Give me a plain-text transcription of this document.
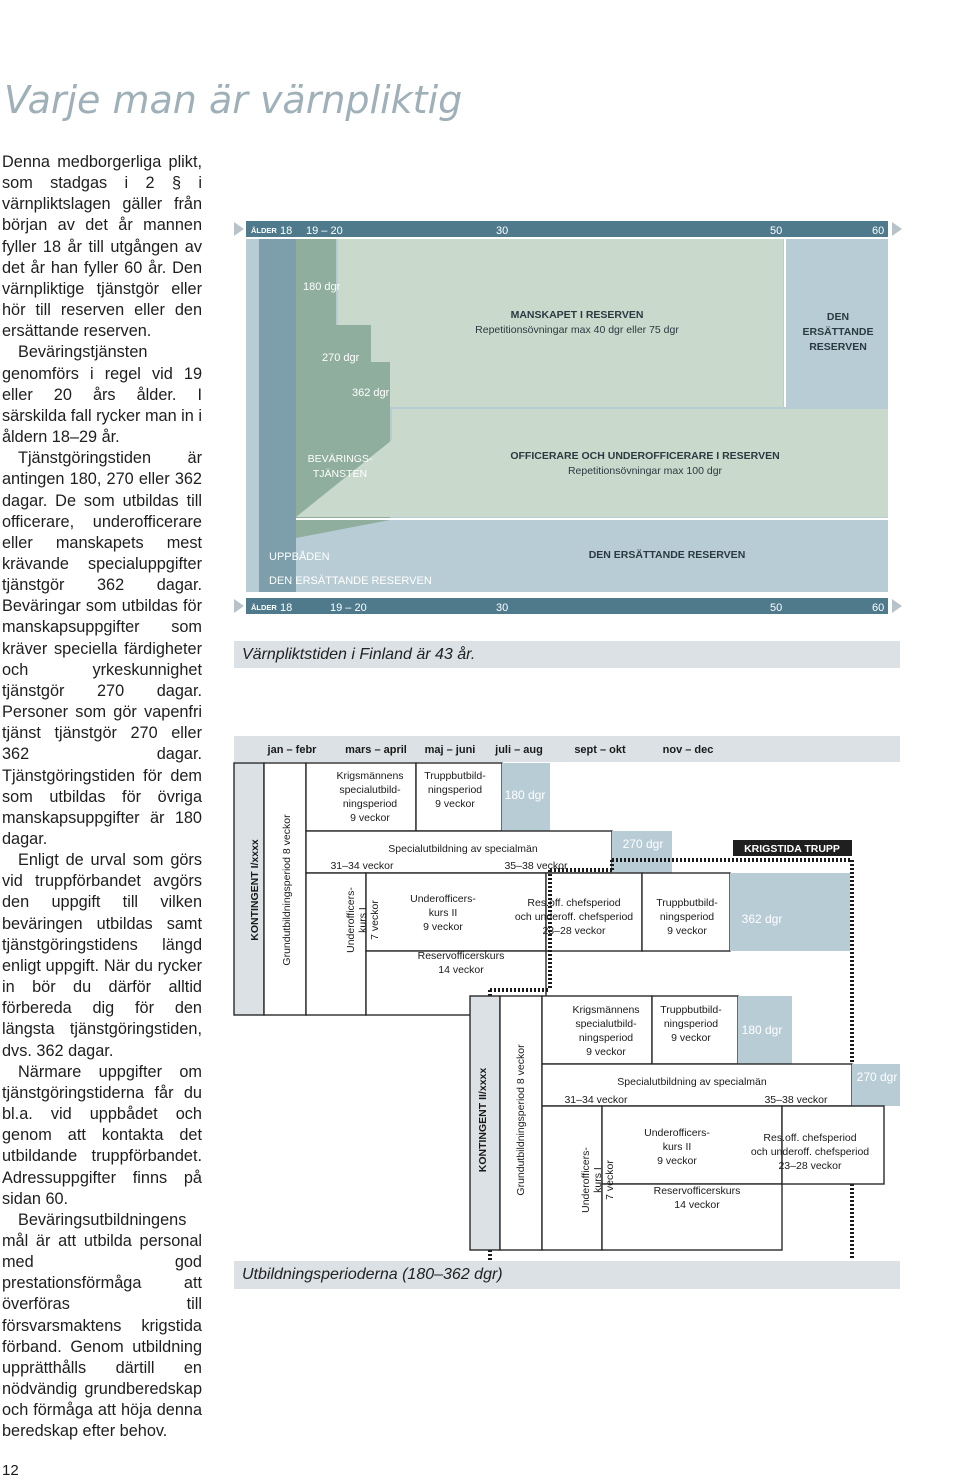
Varje man är värnpliktig

Denna medborgerliga plikt, som stadgas i 2 § i värnpliktslagen gäller från början av det år mannen fyller 18 år till utgången av det år han fyller 60 år. Den värnpliktige tjänstgör eller hör till reserven eller den ersättande reserven.

Beväringstjänsten genomförs i regel vid 19 eller 20 års ålder. I särskilda fall rycker man in i åldern 18–29 år.

Tjänstgöringstiden är antingen 180, 270 eller 362 dagar. De som utbildas till officerare, underofficerare eller manskapets mest krävande specialuppgifter tjänstgör 362 dagar. Beväringar som utbildas för manskapsuppgifter som kräver speciella färdigheter och yrkeskunnighet tjänstgör 270 dagar. Personer som gör vapenfri tjänst tjänstgör 270 eller 362 dagar. Tjänstgöringstiden för dem som utbildas för övriga manskapsuppgifter är 180 dagar.

Enligt de urval som görs vid truppförbandet avgörs den uppgift till vilken beväringen utbildas samt tjänstgöringstidens längd enligt uppgift. När du rycker in bör du därför alltid förbereda dig för den längsta tjänstgöringstiden, dvs. 362 dagar.

Närmare uppgifter om tjänstgöringstiderna får du bl.a. vid uppbådet och genom att kontakta det utbildande truppförbandet. Adressuppgifter finns på sidan 60.

Beväringsutbildningens mål är att utbilda personal med god prestationsförmåga att överföras till försvarsmaktens krigstida förband. Genom utbildning upprätthålls därtill en nödvändig grundberedskap och förmåga att höja denna beredskap efter behov.

ÅLDER 18 19 – 20	30	50	60
180 dgr
270 dgr
362 dgr
BEVÄRINGS-
TJÄNSTEN
UPPBÅDEN
DEN ERSÄTTANDE RESERVEN
MANSKAPET I RESERVEN
Repetitionsövningar max 40 dgr eller 75 dgr
OFFICERARE OCH UNDEROFFICERARE I RESERVEN
Repetitionsövningar max 100 dgr
DEN ERSÄTTANDE RESERVEN
DEN
ERSÄTTANDE
RESERVEN
ÅLDER 18	19 – 20	30	50	60
Värnpliktstiden i Finland är 43 år.
jan – febr	mars – april maj – juni juli – aug	sept – okt	nov – dec
KRIGSTIDA TRUPP
KONTINGENT I/xxxx Grundutbildningsperiod 8 veckor
Krigsmännens
specialutbild-
ningsperiod
9 veckor
Truppbutbild-
ningsperiod
9 veckor
180 dgr
Specialutbildning av specialmän
31–34 veckor	35–38 veckor
270 dgr
Underofficers- kurs I 7 veckor
Underofficers-
kurs II
9 veckor
Reservofficerskurs
14 veckor
Res.off. chefsperiod
och underoff. chefsperiod
23–28 veckor
Truppbutbild-
ningsperiod
9 veckor
362 dgr
KONTINGENT II/xxxx Grundutbildningsperiod 8 veckor
Krigsmännens
specialutbild-
ningsperiod
9 veckor
Truppbutbild-
ningsperiod
9 veckor
180 dgr
Specialutbildning av specialmän
31–34 veckor	35–38 veckor
270 dgr
Underofficers- kurs I 7 veckor
Underofficers-
kurs II
9 veckor
Reservofficerskurs
14 veckor
Res.off. chefsperiod
och underoff. chefsperiod
23–28 veckor
Utbildningsperioderna (180–362 dgr)
12
